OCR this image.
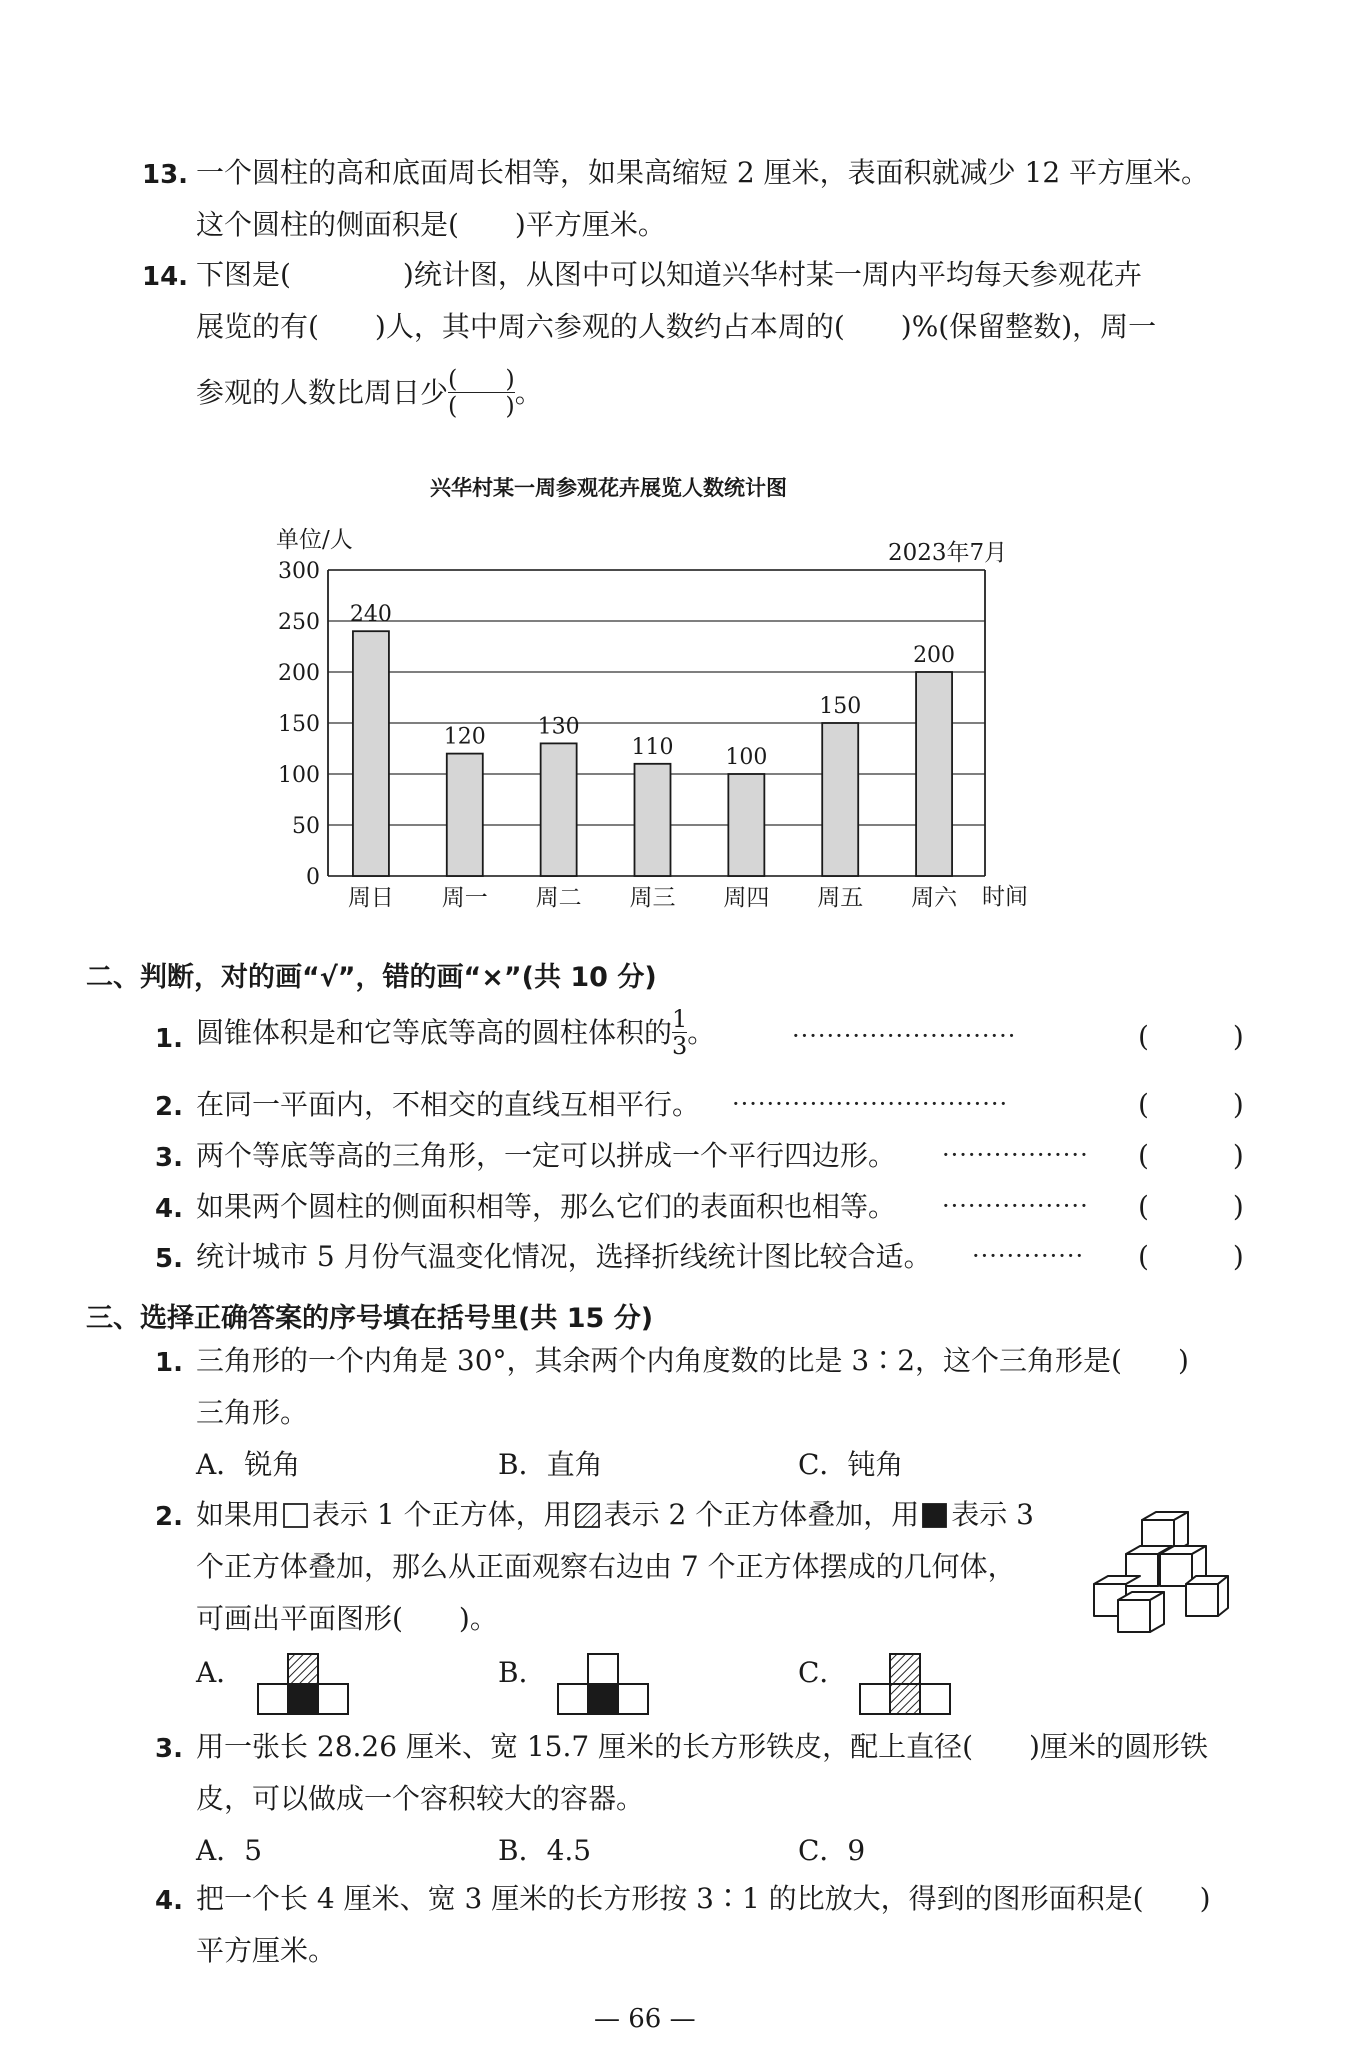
13. 一个圆柱的高和底面周长相等，如果高缩短 2 厘米，表面积就减少 12 平方厘米。
这个圆柱的侧面积是(　　)平方厘米。
14. 下图是(　　　　)统计图，从图中可以知道兴华村某一周内平均每天参观花卉
展览的有(　　)人，其中周六参观的人数约占本周的(　　)%(保留整数)，周一
参观的人数比周日少 $\frac{( )}{( )}$ 。
兴华村某一周参观花卉展览人数统计图
单位/人	2023年7月
时间
0
50
100
150
200
250
300
240
周日
120
周一
130
周二
110
周三
100
周四
150
周五
200
周六
二、判断，对的画“√”，错的画“×”(共 10 分)
1. 圆锥体积是和它等底等高的圆柱体积的 $\frac{1}{3}$ 。	··························	(　　　)
2. 在同一平面内，不相交的直线互相平行。 ································	(　　　)
3. 两个等底等高的三角形，一定可以拼成一个平行四边形。 ················· (　　　)
4. 如果两个圆柱的侧面积相等，那么它们的表面积也相等。 ················· (　　　)
5. 统计城市 5 月份气温变化情况，选择折线统计图比较合适。 ············· (　　　)
三、选择正确答案的序号填在括号里(共 15 分)
1. 三角形的一个内角是 30°，其余两个内角度数的比是 3∶2，这个三角形是(　　)
三角形。
A．锐角	B．直角	C．钝角
2. 如果用 表示 1 个正方体，用 表示 2 个正方体叠加，用 表示 3
个正方体叠加，那么从正面观察右边由 7 个正方体摆成的几何体，
可画出平面图形(　　)。
A．	B．	C．
3. 用一张长 28.26 厘米、宽 15.7 厘米的长方形铁皮，配上直径(　　)厘米的圆形铁
皮，可以做成一个容积较大的容器。
A．5	B．4.5	C．9
4. 把一个长 4 厘米、宽 3 厘米的长方形按 3∶1 的比放大，得到的图形面积是(　　)
平方厘米。
— 66 —
